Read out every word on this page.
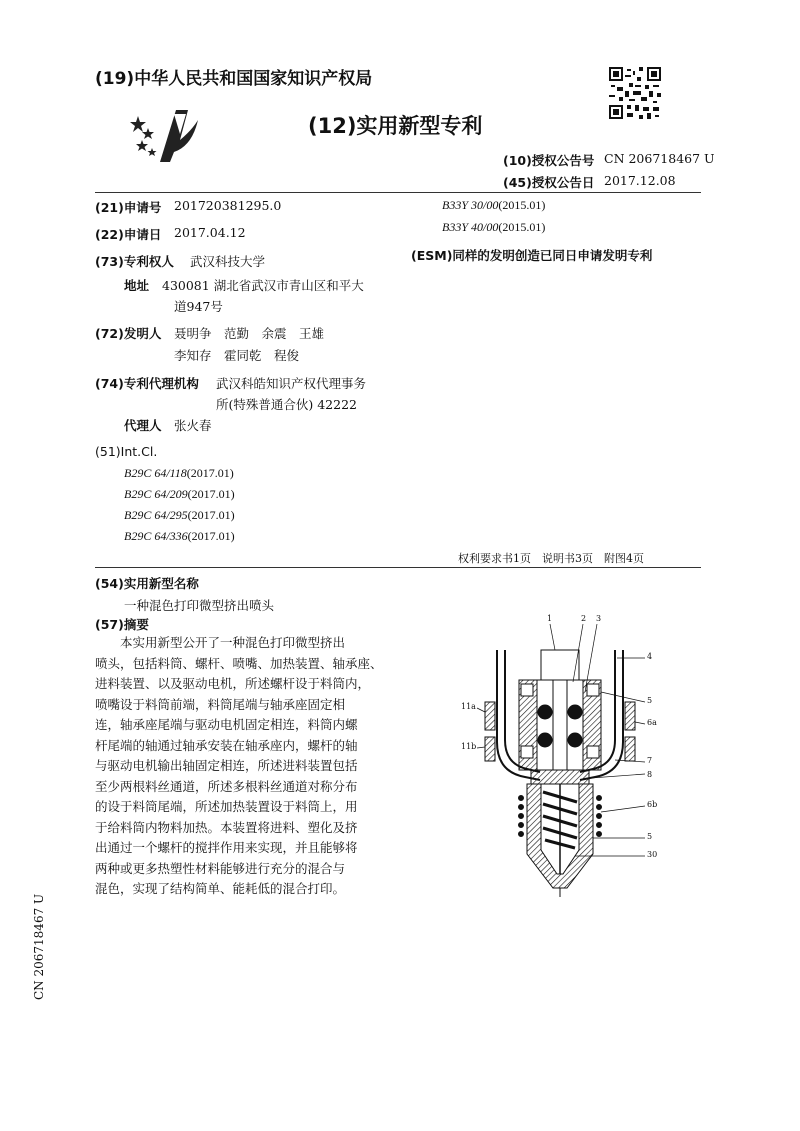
(19)中华人民共和国国家知识产权局
(12)实用新型专利
(10)授权公告号 CN 206718467 U
(45)授权公告日 2017.12.08
(21)申请号 201720381295.0
(22)申请日 2017.04.12
(73)专利权人 武汉科技大学
地址 430081 湖北省武汉市青山区和平大
道947号
(72)发明人 聂明争　范勤　余震　王雄
李知存　霍同乾　程俊
(74)专利代理机构 武汉科皓知识产权代理事务
所(特殊普通合伙) 42222
代理人 张火春
(51)Int.Cl.
B29C 64/118(2017.01)
B29C 64/209(2017.01)
B29C 64/295(2017.01)
B29C 64/336(2017.01)
B33Y 30/00(2015.01)
B33Y 40/00(2015.01)
(ESM)同样的发明创造已同日申请发明专利
权利要求书1页　说明书3页　附图4页
(54)实用新型名称
一种混色打印微型挤出喷头
(57)摘要

本实用新型公开了一种混色打印微型挤出

喷头，包括料筒、螺杆、喷嘴、加热装置、轴承座、

进料装置、以及驱动电机，所述螺杆设于料筒内，

喷嘴设于料筒前端，料筒尾端与轴承座固定相

连，轴承座尾端与驱动电机固定相连，料筒内螺

杆尾端的轴通过轴承安装在轴承座内，螺杆的轴

与驱动电机输出轴固定相连，所述进料装置包括

至少两根料丝通道，所述多根料丝通道对称分布

的设于料筒尾端，所述加热装置设于料筒上，用

于给料筒内物料加热。本装置将进料、塑化及挤

出通过一个螺杆的搅拌作用来实现，并且能够将

两种或更多热塑性材料能够进行充分的混合与

混色，实现了结构简单、能耗低的混合打印。

1	2 3
4
5
6a
7
8
6b
5
30
11a
11b
CN 206718467 U
